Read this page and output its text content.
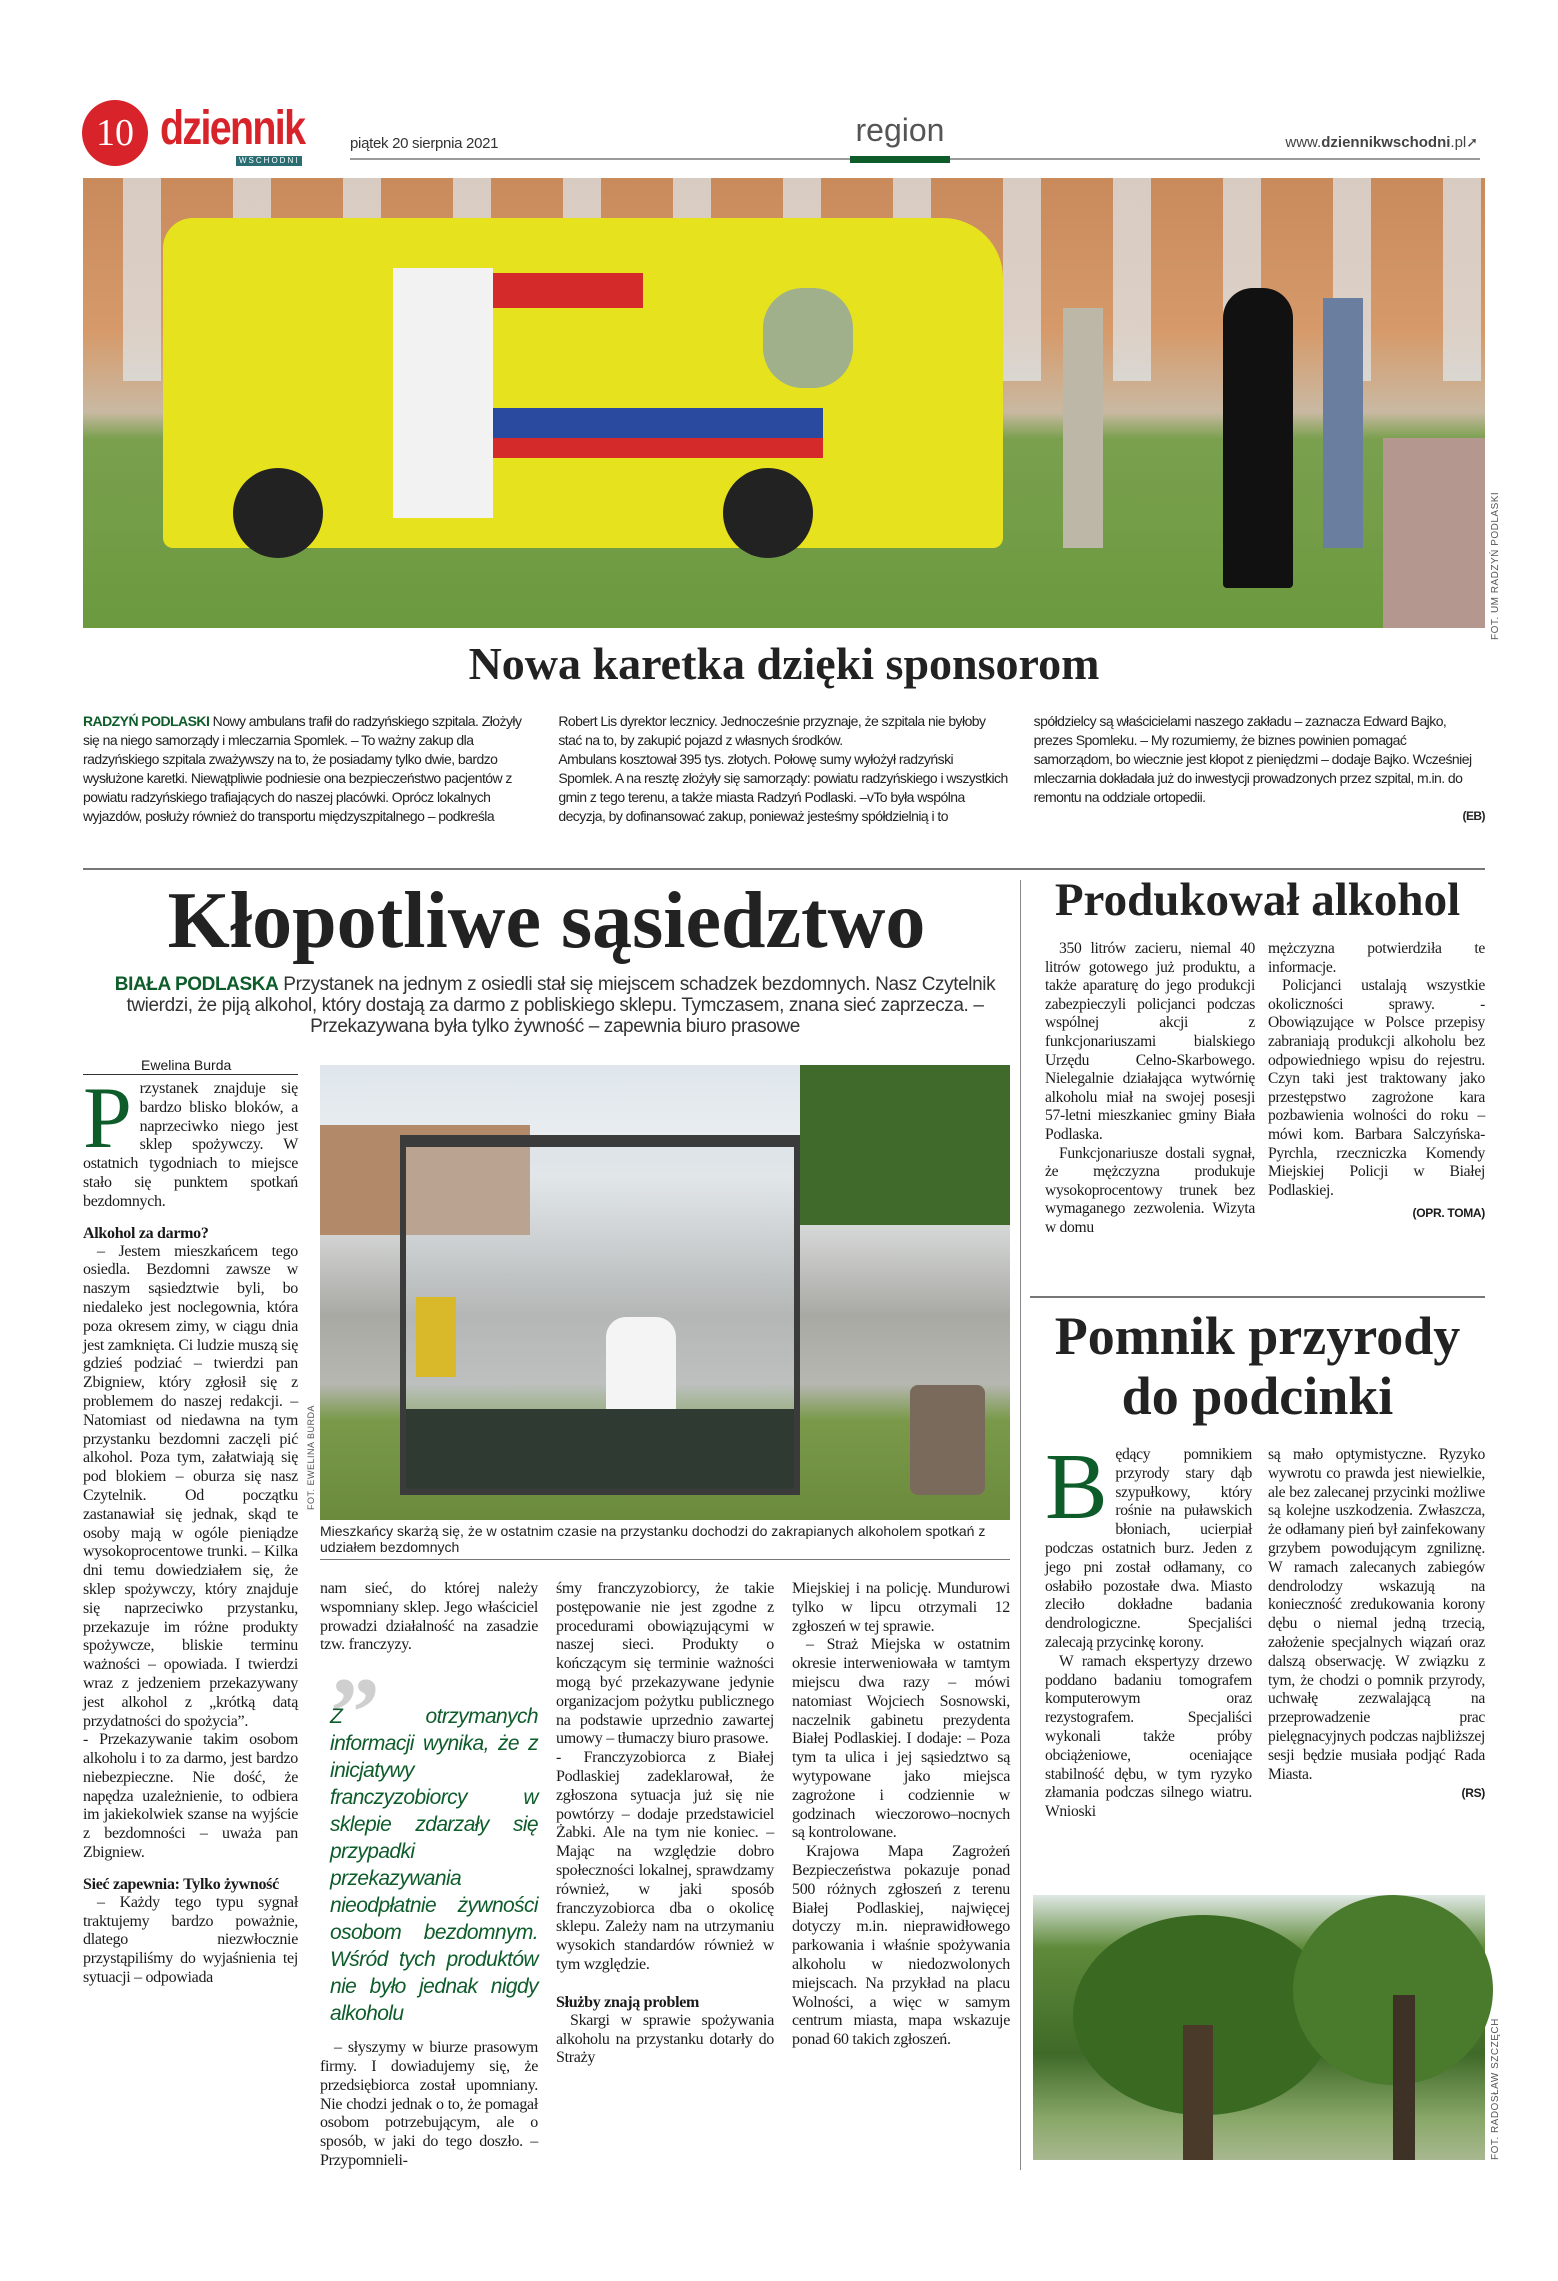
10 dziennik
WSCHODNI
piątek 20 sierpnia 2021	region	www.dziennikwschodni.pl➚
FOT. UM RADZYŃ PODLASKI
Nowa karetka dzięki sponsorom
RADZYŃ PODLASKI Nowy ambulans trafił do radzyńskiego szpitala. Złożyły się na niego samorządy i mleczarnia Spomlek. – To ważny zakup dla radzyńskiego szpitala zważywszy na to, że posiadamy tylko dwie, bardzo wysłużone karetki. Niewątpliwie podniesie ona bezpieczeństwo pacjentów z powiatu radzyńskiego trafiających do naszej placówki. Oprócz lokalnych wyjazdów, posłuży również do transportu międzyszpitalnego – podkreśla Robert Lis dyrektor lecznicy. Jednocześnie przyznaje, że szpitala nie byłoby stać na to, by zakupić pojazd z własnych środków.
Ambulans kosztował 395 tys. złotych. Połowę sumy wyłożył radzyński Spomlek. A na resztę złożyły się samorządy: powiatu radzyńskiego i wszystkich gmin z tego terenu, a także miasta Radzyń Podlaski. –vTo była wspólna decyzja, by dofinansować zakup, ponieważ jesteśmy spółdzielnią i to spółdzielcy są właścicielami naszego zakładu – zaznacza Edward Bajko, prezes Spomleku. – My rozumiemy, że biznes powinien pomagać samorządom, bo wiecznie jest kłopot z pieniędzmi – dodaje Bajko. Wcześniej mleczarnia dokładała już do inwestycji prowadzonych przez szpital, m.in. do remontu na oddziale ortopedii.
(EB)
Kłopotliwe sąsiedztwo
BIAŁA PODLASKA Przystanek na jednym z osiedli stał się miejscem schadzek bezdomnych. Nasz Czytelnik twierdzi, że piją alkohol, który dostają za darmo z pobliskiego sklepu. Tymczasem, znana sieć zaprzecza. – Przekazywana była tylko żywność – zapewnia biuro prasowe
Ewelina Burda

Przystanek znajduje się bardzo blisko bloków, a naprzeciwko niego jest sklep spożywczy. W ostatnich tygodniach to miejsce stało się punktem spotkań bezdomnych.

Alkohol za darmo?

– Jestem mieszkańcem tego osiedla. Bezdomni zawsze w naszym sąsiedztwie byli, bo niedaleko jest noclegownia, która poza okresem zimy, w ciągu dnia jest zamknięta. Ci ludzie muszą się gdzieś podziać – twierdzi pan Zbigniew, który zgłosił się z problemem do naszej redakcji. – Natomiast od niedawna na tym przystanku bezdomni zaczęli pić alkohol. Poza tym, załatwiają się pod blokiem – oburza się nasz Czytelnik. Od początku zastanawiał się jednak, skąd te osoby mają w ogóle pieniądze wysokoprocentowe trunki. – Kilka dni temu dowiedziałem się, że sklep spożywczy, który znajduje się naprzeciwko przystanku, przekazuje im różne produkty spożywcze, bliskie terminu ważności – opowiada. I twierdzi wraz z jedzeniem przekazywany jest alkohol z „krótką datą przydatności do spożycia”.

- Przekazywanie takim osobom alkoholu i to za darmo, jest bardzo niebezpieczne. Nie dość, że napędza uzależnienie, to odbiera im jakiekolwiek szanse na wyjście z bezdomności – uważa pan Zbigniew.

Sieć zapewnia: Tylko żywność

– Każdy tego typu sygnał traktujemy bardzo poważnie, dlatego niezwłocznie przystąpiliśmy do wyjaśnienia tej sytuacji – odpowiada

FOT. EWELINA BURDA
Mieszkańcy skarżą się, że w ostatnim czasie na przystanku dochodzi do zakrapianych alkoholem spotkań z udziałem bezdomnych

nam sieć, do której należy wspomniany sklep. Jego właściciel prowadzi działalność na zasadzie tzw. franczyzy.

”
Z otrzymanych informacji wynika, że z inicjatywy franczyzobiorcy w sklepie zdarzały się przypadki przekazywania nieodpłatnie żywności osobom bezdomnym. Wśród tych produktów nie było jednak nigdy alkoholu

– słyszymy w biurze prasowym firmy. I dowiadujemy się, że przedsiębiorca został upomniany. Nie chodzi jednak o to, że pomagał osobom potrzebującym, ale o sposób, w jaki do tego doszło. – Przypomnieli-

śmy franczyzobiorcy, że takie postępowanie nie jest zgodne z procedurami obowiązującymi w naszej sieci. Produkty o kończącym się terminie ważności mogą być przekazywane jedynie organizacjom pożytku publicznego na podstawie uprzednio zawartej umowy – tłumaczy biuro prasowe.

- Franczyzobiorca z Białej Podlaskiej zadeklarował, że zgłoszona sytuacja już się nie powtórzy – dodaje przedstawiciel Żabki. Ale na tym nie koniec. – Mając na względzie dobro społeczności lokalnej, sprawdzamy również, w jaki sposób franczyzobiorca dba o okolicę sklepu. Zależy nam na utrzymaniu wysokich standardów również w tym względzie.

Służby znają problem

Skargi w sprawie spożywania alkoholu na przystanku dotarły do Straży

Miejskiej i na policję. Mundurowi tylko w lipcu otrzymali 12 zgłoszeń w tej sprawie.

– Straż Miejska w ostatnim okresie interweniowała w tamtym miejscu dwa razy – mówi natomiast Wojciech Sosnowski, naczelnik gabinetu prezydenta Białej Podlaskiej. I dodaje: – Poza tym ta ulica i jej sąsiedztwo są wytypowane jako miejsca zagrożone i codziennie w godzinach wieczorowo–nocnych są kontrolowane.

Krajowa Mapa Zagrożeń Bezpieczeństwa pokazuje ponad 500 różnych zgłoszeń z terenu Białej Podlaskiej, najwięcej dotyczy m.in. nieprawidłowego parkowania i właśnie spożywania alkoholu w niedozwolonych miejscach. Na przykład na placu Wolności, a więc w samym centrum miasta, mapa wskazuje ponad 60 takich zgłoszeń.

Produkował alkohol

350 litrów zacieru, niemal 40 litrów gotowego już produktu, a także aparaturę do jego produkcji zabezpieczyli policjanci podczas wspólnej akcji z funkcjonariuszami bialskiego Urzędu Celno-Skarbowego. Nielegalnie działająca wytwórnię alkoholu miał na swojej posesji 57-letni mieszkaniec gminy Biała Podlaska.

Funkcjonariusze dostali sygnał, że mężczyzna produkuje wysokoprocentowy trunek bez wymaganego zezwolenia. Wizyta w domu

mężczyzna potwierdziła te informacje.

Policjanci ustalają wszystkie okoliczności sprawy. - Obowiązujące w Polsce przepisy zabraniają produkcji alkoholu bez odpowiedniego wpisu do rejestru. Czyn taki jest traktowany jako przestępstwo zagrożone kara pozbawienia wolności do roku – mówi kom. Barbara Salczyńska-Pyrchla, rzeczniczka Komendy Miejskiej Policji w Białej Podlaskiej.

(OPR. TOMA)
Pomnik przyrody
do podcinki

Będący pomnikiem przyrody stary dąb szypułkowy, który rośnie na puławskich błoniach, ucierpiał podczas ostatnich burz. Jeden z jego pni został odłamany, co osłabiło pozostałe dwa. Miasto zleciło dokładne badania dendrologiczne. Specjaliści zalecają przycinkę korony.

W ramach ekspertyzy drzewo poddano badaniu tomografem komputerowym oraz rezystografem. Specjaliści wykonali także próby obciążeniowe, oceniające stabilność dębu, w tym ryzyko złamania podczas silnego wiatru. Wnioski

są mało optymistyczne. Ryzyko wywrotu co prawda jest niewielkie, ale bez zalecanej przycinki możliwe są kolejne uszkodzenia. Zwłaszcza, że odłamany pień był zainfekowany grzybem powodującym zgniliznę. W ramach zalecanych zabiegów dendrolodzy wskazują na konieczność zredukowania korony dębu o niemal jedną trzecią, założenie specjalnych wiązań oraz dalszą obserwację. W związku z tym, że chodzi o pomnik przyrody, uchwałę zezwalającą na przeprowadzenie prac pielęgnacyjnych podczas najbliższej sesji będzie musiała podjąć Rada Miasta.

(RS)
FOT. RADOSŁAW SZCZĘCH
